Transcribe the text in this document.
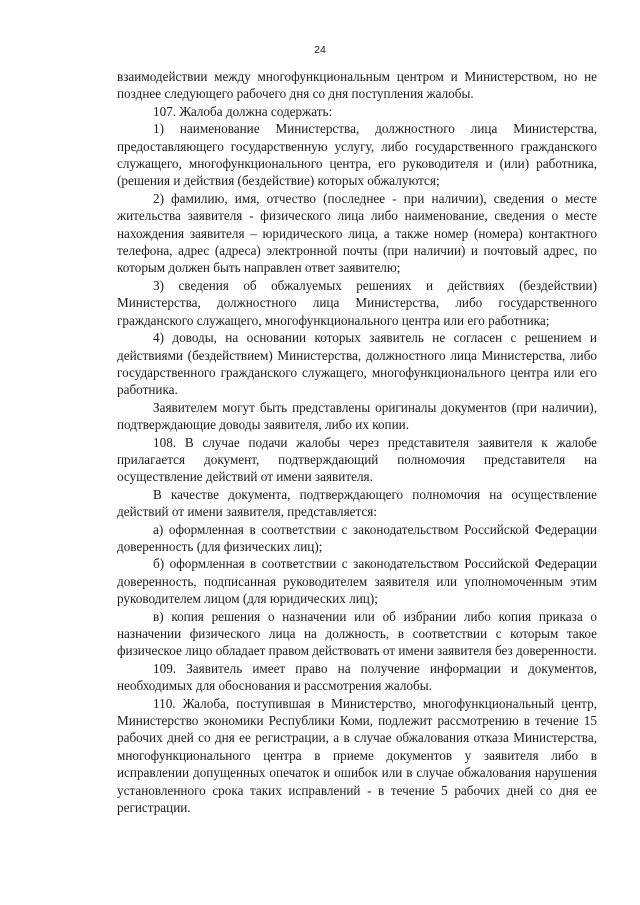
24

взаимодействии между многофункциональным центром и Министерством, но не позднее следующего рабочего дня со дня поступления жалобы.

107. Жалоба должна содержать:

1) наименование Министерства, должностного лица Министерства, предоставляющего государственную услугу, либо государственного гражданского служащего, многофункционального центра, его руководителя и (или) работника, (решения и действия (бездействие) которых обжалуются;

2) фамилию, имя, отчество (последнее - при наличии), сведения о месте жительства заявителя - физического лица либо наименование, сведения о месте нахождения заявителя – юридического лица, а также номер (номера) контактного телефона, адрес (адреса) электронной почты (при наличии) и почтовый адрес, по которым должен быть направлен ответ заявителю;

3) сведения об обжалуемых решениях и действиях (бездействии) Министерства, должностного лица Министерства, либо государственного гражданского служащего, многофункционального центра или его работника;

4) доводы, на основании которых заявитель не согласен с решением и действиями (бездействием) Министерства, должностного лица Министерства, либо государственного гражданского служащего, многофункционального центра или его работника.

Заявителем могут быть представлены оригиналы документов (при наличии), подтверждающие доводы заявителя, либо их копии.

108. В случае подачи жалобы через представителя заявителя к жалобе прилагается документ, подтверждающий полномочия представителя на осуществление действий от имени заявителя.

В качестве документа, подтверждающего полномочия на осуществление действий от имени заявителя, представляется:

а) оформленная в соответствии с законодательством Российской Федерации доверенность (для физических лиц);

б) оформленная в соответствии с законодательством Российской Федерации доверенность, подписанная руководителем заявителя или уполномоченным этим руководителем лицом (для юридических лиц);

в) копия решения о назначении или об избрании либо копия приказа о назначении физического лица на должность, в соответствии с которым такое физическое лицо обладает правом действовать от имени заявителя без доверенности.

109. Заявитель имеет право на получение информации и документов, необходимых для обоснования и рассмотрения жалобы.

110. Жалоба, поступившая в Министерство, многофункциональный центр, Министерство экономики Республики Коми, подлежит рассмотрению в течение 15 рабочих дней со дня ее регистрации, а в случае обжалования отказа Министерства, многофункционального центра в приеме документов у заявителя либо в исправлении допущенных опечаток и ошибок или в случае обжалования нарушения установленного срока таких исправлений - в течение 5 рабочих дней со дня ее регистрации.
